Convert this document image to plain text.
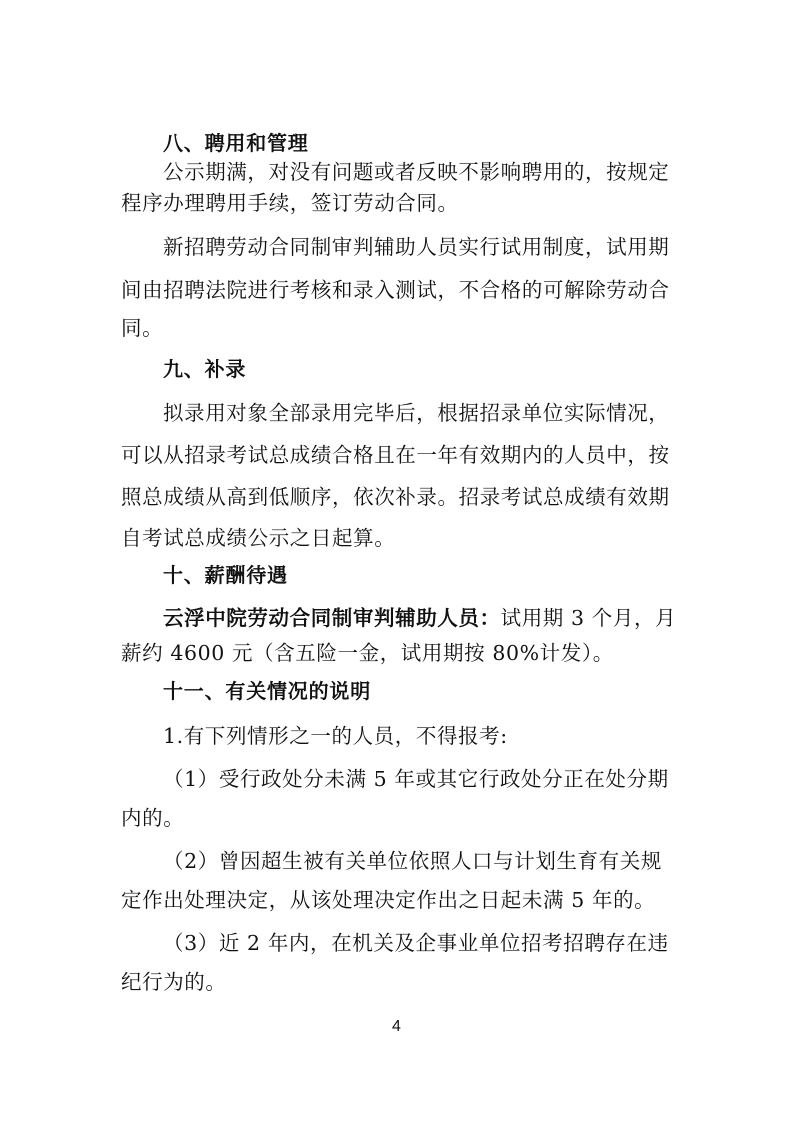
八、聘用和管理
公示期满，对没有问题或者反映不影响聘用的，按规定
程序办理聘用手续，签订劳动合同。
新招聘劳动合同制审判辅助人员实行试用制度，试用期
间由招聘法院进行考核和录入测试，不合格的可解除劳动合
同。
九、补录
拟录用对象全部录用完毕后，根据招录单位实际情况，
可以从招录考试总成绩合格且在一年有效期内的人员中，按
照总成绩从高到低顺序，依次补录。招录考试总成绩有效期
自考试总成绩公示之日起算。
十、薪酬待遇
云浮中院劳动合同制审判辅助人员：试用期 3 个月，月
薪约 4600 元（含五险一金，试用期按 80%计发）。
十一、有关情况的说明
1.有下列情形之一的人员，不得报考:
（1）受行政处分未满 5 年或其它行政处分正在处分期
内的。
（2）曾因超生被有关单位依照人口与计划生育有关规
定作出处理决定，从该处理决定作出之日起未满 5 年的。
（3）近 2 年内，在机关及企事业单位招考招聘存在违
纪行为的。
4
